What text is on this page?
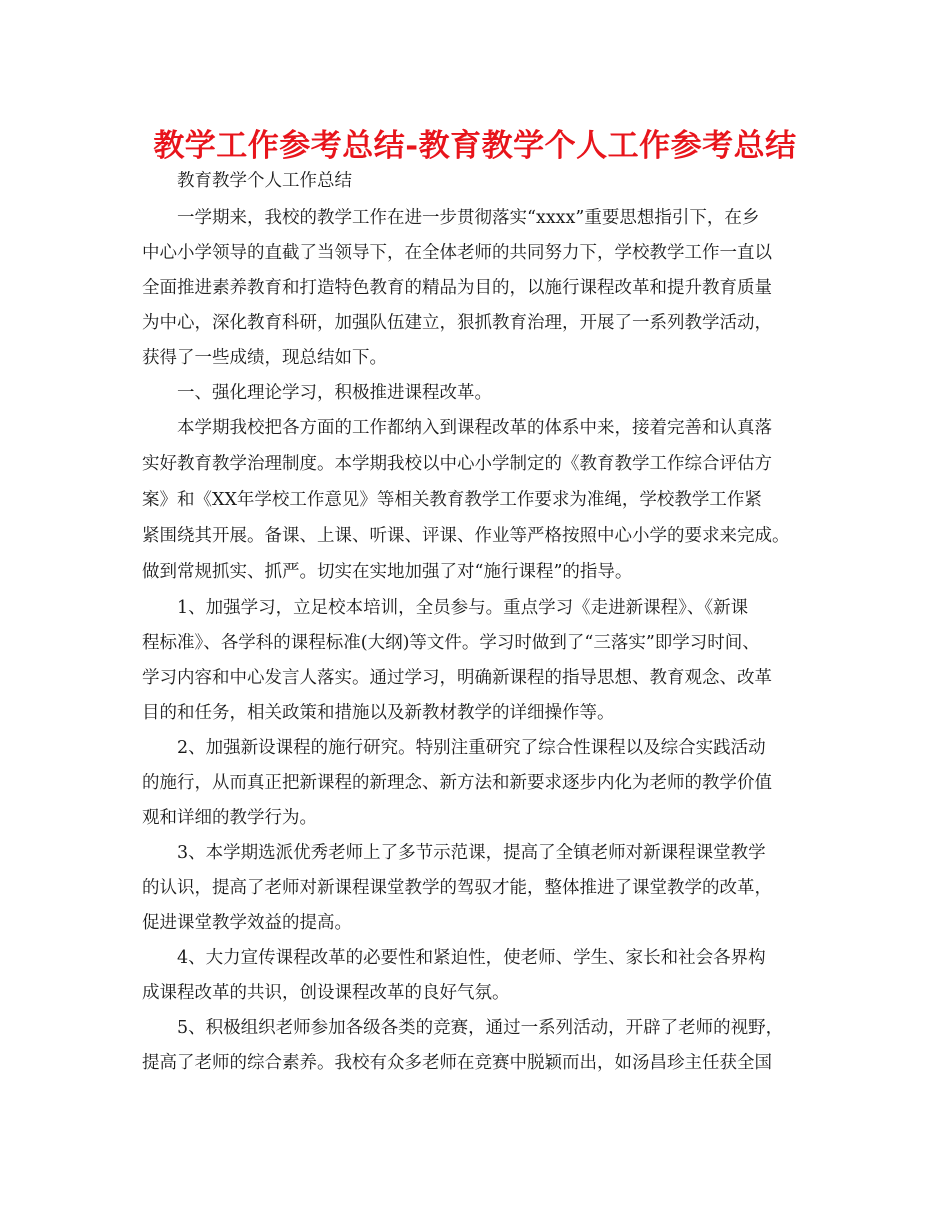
教学工作参考总结-教育教学个人工作参考总结
教育教学个人工作总结
一学期来，我校的教学工作在进一步贯彻落实“xxxx”重要思想指引下，在乡
中心小学领导的直截了当领导下，在全体老师的共同努力下，学校教学工作一直以
全面推进素养教育和打造特色教育的精品为目的，以施行课程改革和提升教育质量
为中心，深化教育科研，加强队伍建立，狠抓教育治理，开展了一系列教学活动，
获得了一些成绩，现总结如下。
一、强化理论学习，积极推进课程改革。
本学期我校把各方面的工作都纳入到课程改革的体系中来，接着完善和认真落
实好教育教学治理制度。本学期我校以中心小学制定的《教育教学工作综合评估方
案》和《XX年学校工作意见》等相关教育教学工作要求为准绳，学校教学工作紧
紧围绕其开展。备课、上课、听课、评课、作业等严格按照中心小学的要求来完成。
做到常规抓实、抓严。切实在实地加强了对“施行课程”的指导。
1、加强学习，立足校本培训，全员参与。重点学习《走进新课程》、《新课
程标准》、各学科的课程标准(大纲)等文件。学习时做到了“三落实”即学习时间、
学习内容和中心发言人落实。通过学习，明确新课程的指导思想、教育观念、改革
目的和任务，相关政策和措施以及新教材教学的详细操作等。
2、加强新设课程的施行研究。特别注重研究了综合性课程以及综合实践活动
的施行，从而真正把新课程的新理念、新方法和新要求逐步内化为老师的教学价值
观和详细的教学行为。
3、本学期选派优秀老师上了多节示范课，提高了全镇老师对新课程课堂教学
的认识，提高了老师对新课程课堂教学的驾驭才能，整体推进了课堂教学的改革，
促进课堂教学效益的提高。
4、大力宣传课程改革的必要性和紧迫性，使老师、学生、家长和社会各界构
成课程改革的共识，创设课程改革的良好气氛。
5、积极组织老师参加各级各类的竞赛，通过一系列活动，开辟了老师的视野，
提高了老师的综合素养。我校有众多老师在竞赛中脱颖而出，如汤昌珍主任获全国
